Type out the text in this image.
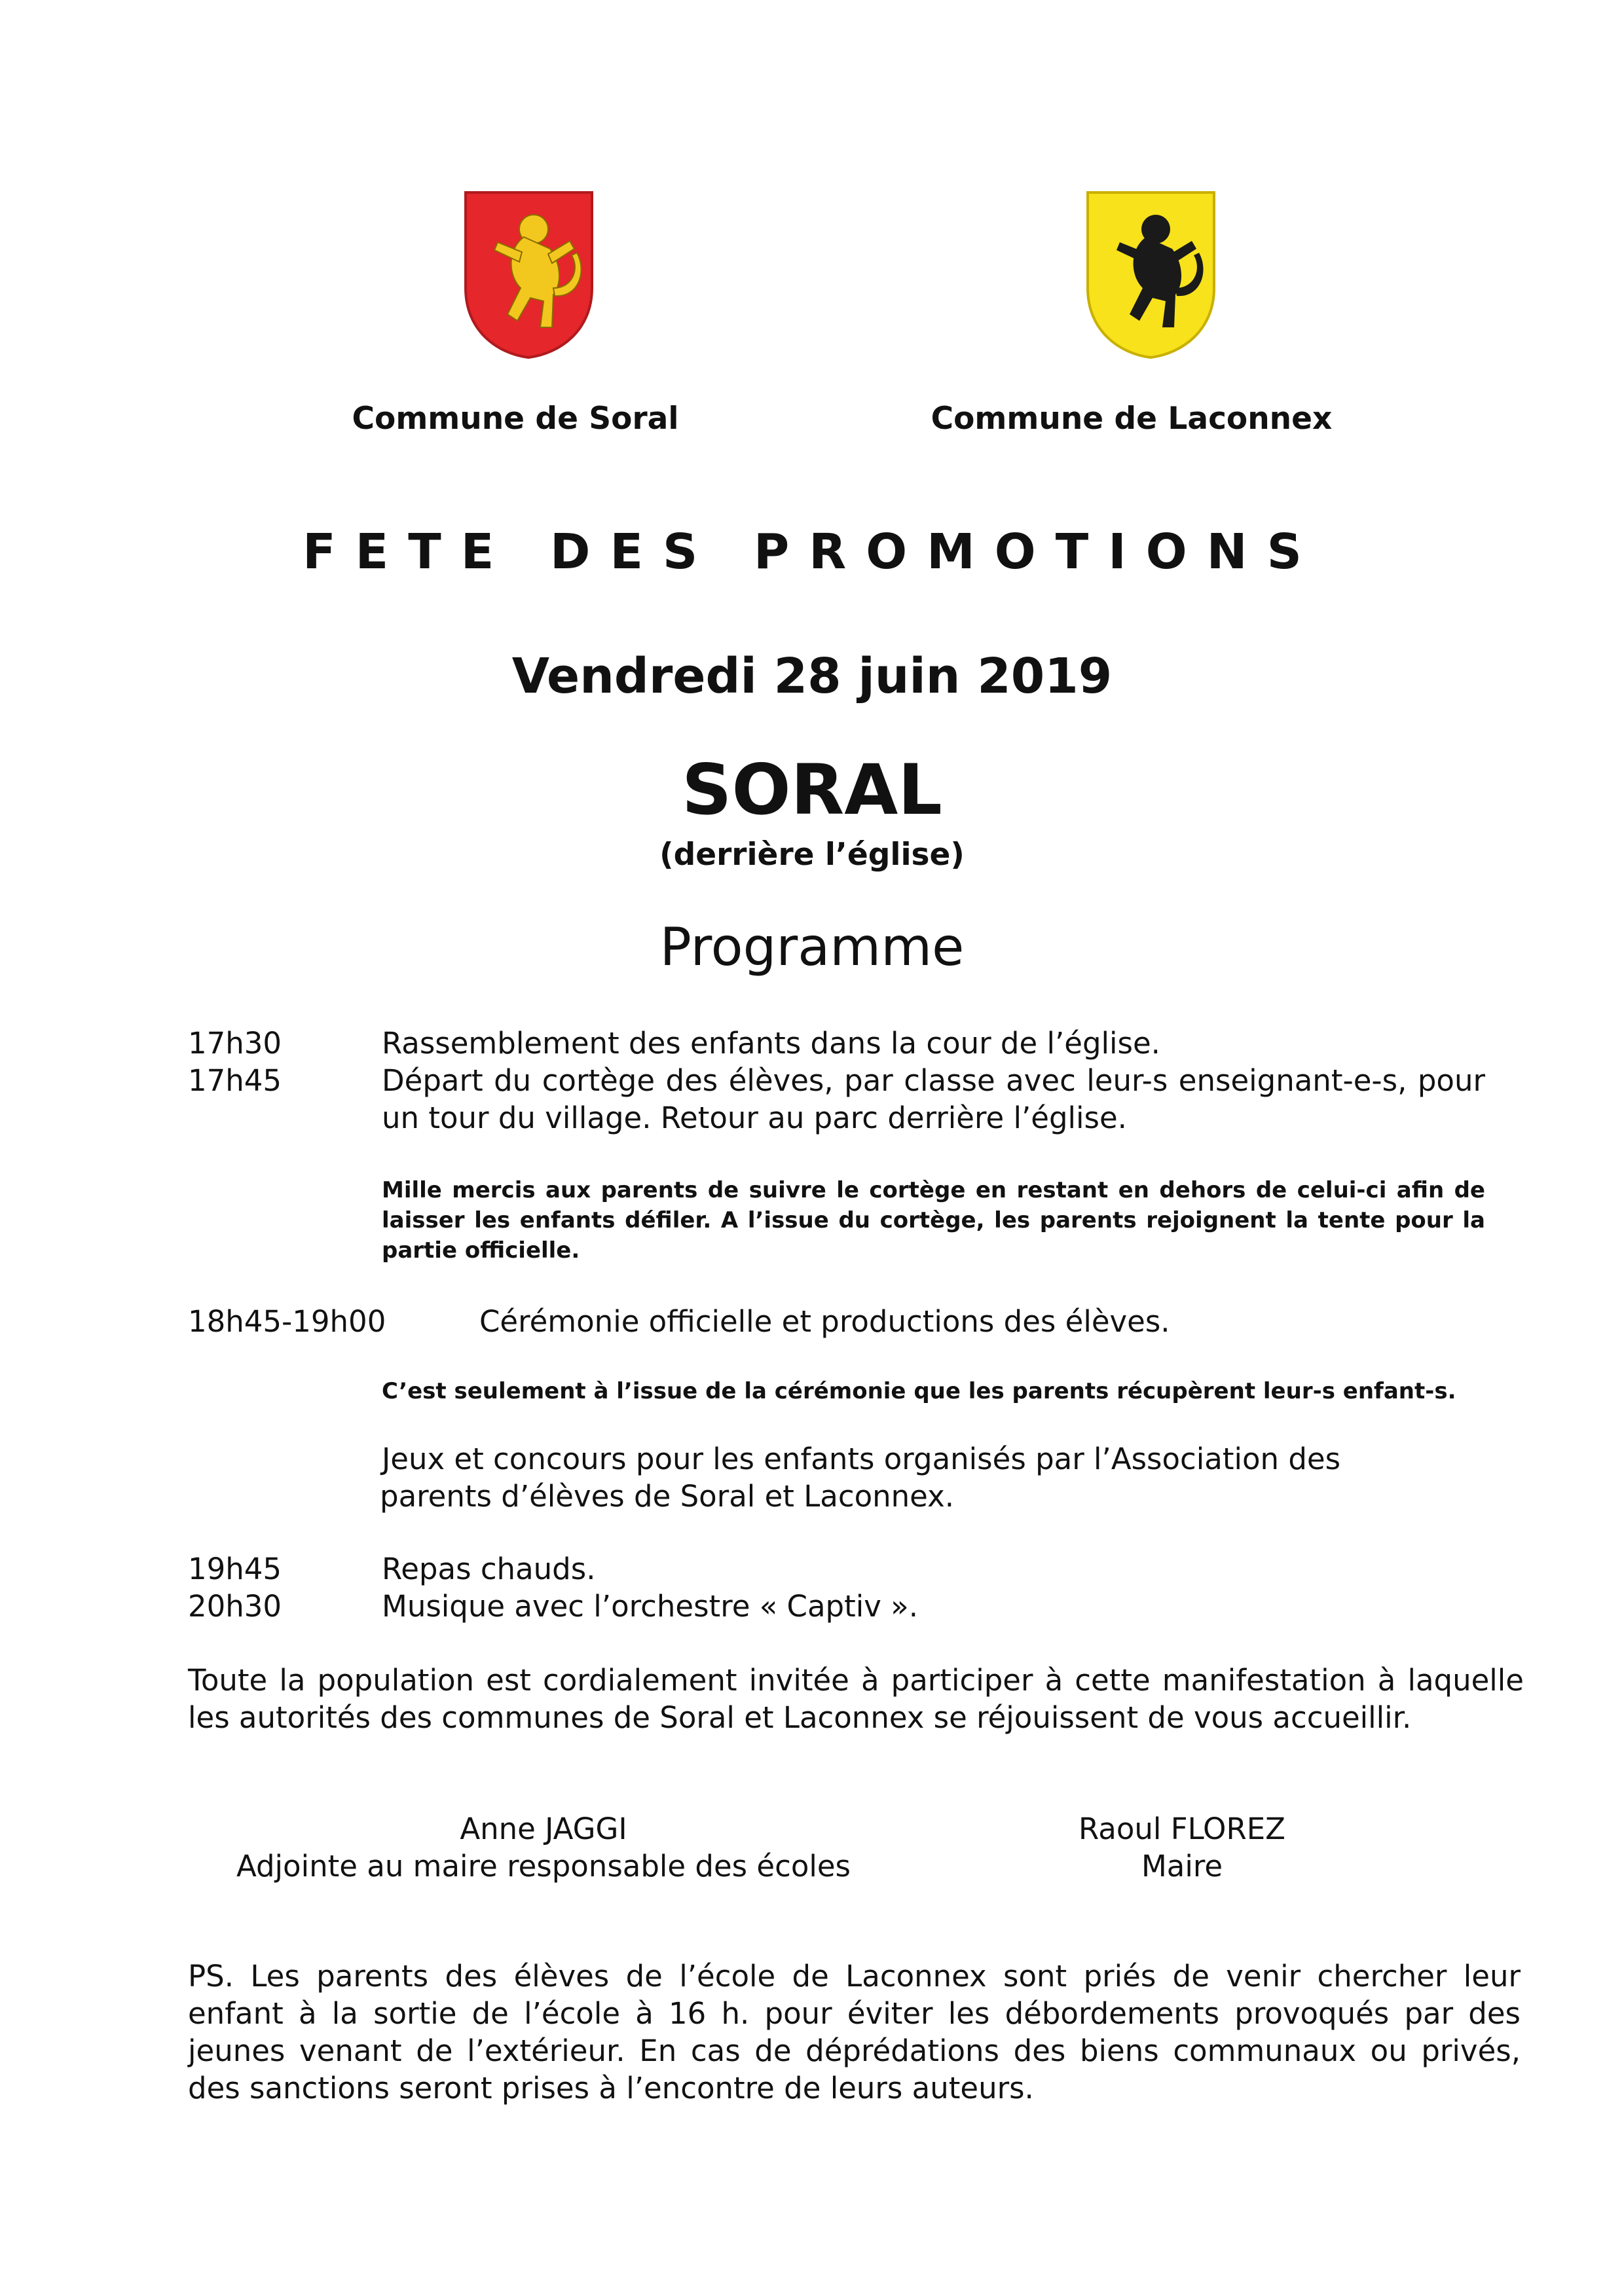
Commune de Soral	Commune de Laconnex
FETE DES PROMOTIONS
Vendredi 28 juin 2019
SORAL
(derrière l’église)
Programme
17h30	Rassemblement des enfants dans la cour de l’église.
17h45	Départ du cortège des élèves, par classe avec leur-s enseignant-e-s, pour
un tour du village. Retour au parc derrière l’église.
Mille mercis aux parents de suivre le cortège en restant en dehors de celui-ci afin de laisser les enfants défiler. A l’issue du cortège, les parents rejoignent la tente pour la partie officielle.
18h45-19h00	Cérémonie officielle et productions des élèves.
C’est seulement à l’issue de la cérémonie que les parents récupèrent leur-s enfant-s.
Jeux et concours pour les enfants organisés par l’Association des
parents d’élèves de Soral et Laconnex.
19h45	Repas chauds.
20h30	Musique avec l’orchestre « Captiv ».
Toute la population est cordialement invitée à participer à cette manifestation à laquelle les autorités des communes de Soral et Laconnex se réjouissent de vous accueillir.
Anne JAGGI
Adjointe au maire responsable des écoles
Raoul FLOREZ
Maire
PS. Les parents des élèves de l’école de Laconnex sont priés de venir chercher leur enfant à la sortie de l’école à 16 h. pour éviter les débordements provoqués par des jeunes venant de l’extérieur. En cas de déprédations des biens communaux ou privés, des sanctions seront prises à l’encontre de leurs auteurs.
